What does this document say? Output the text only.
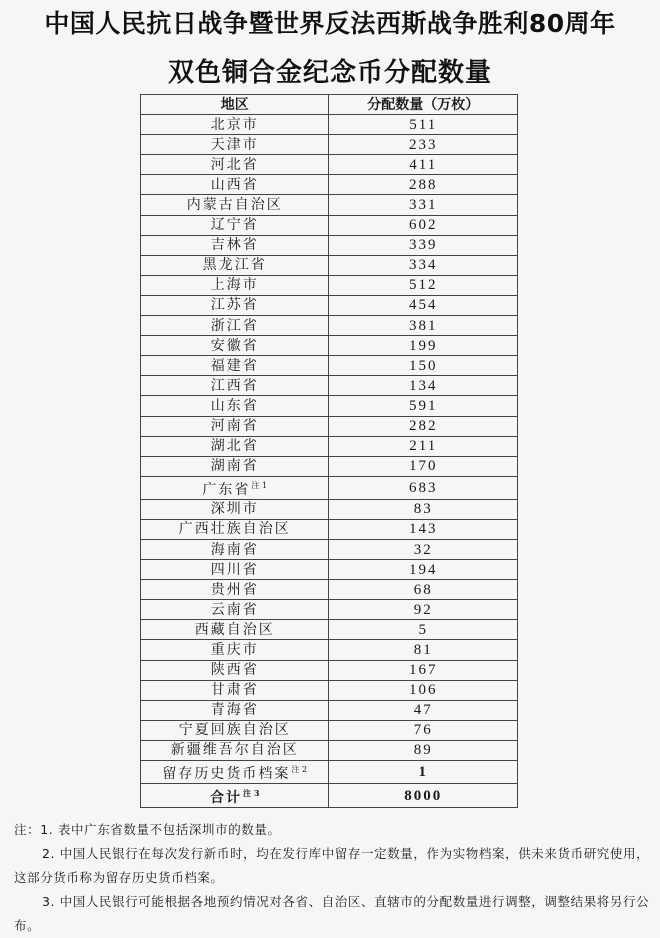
中国人民抗日战争暨世界反法西斯战争胜利80周年
双色铜合金纪念币分配数量
地区	分配数量（万枚）
北京市	511
天津市	233
河北省	411
山西省	288
内蒙古自治区	331
辽宁省	602
吉林省	339
黑龙江省	334
上海市	512
江苏省	454
浙江省	381
安徽省	199
福建省	150
江西省	134
山东省	591
河南省	282
湖北省	211
湖南省	170
广东省$^{注 1}$	683
深圳市	83
广西壮族自治区	143
海南省	32
四川省	194
贵州省	68
云南省	92
西藏自治区	5
重庆市	81
陕西省	167
甘肃省	106
青海省	47
宁夏回族自治区	76
新疆维吾尔自治区	89
留存历史货币档案$^{注 2}$	1
合计$^{注 3}$	8000

注：1. 表中广东省数量不包括深圳市的数量。

2. 中国人民银行在每次发行新币时，均在发行库中留存一定数量，作为实物档案，供未来货币研究使用，这部分货币称为留存历史货币档案。

3. 中国人民银行可能根据各地预约情况对各省、自治区、直辖市的分配数量进行调整，调整结果将另行公布。
